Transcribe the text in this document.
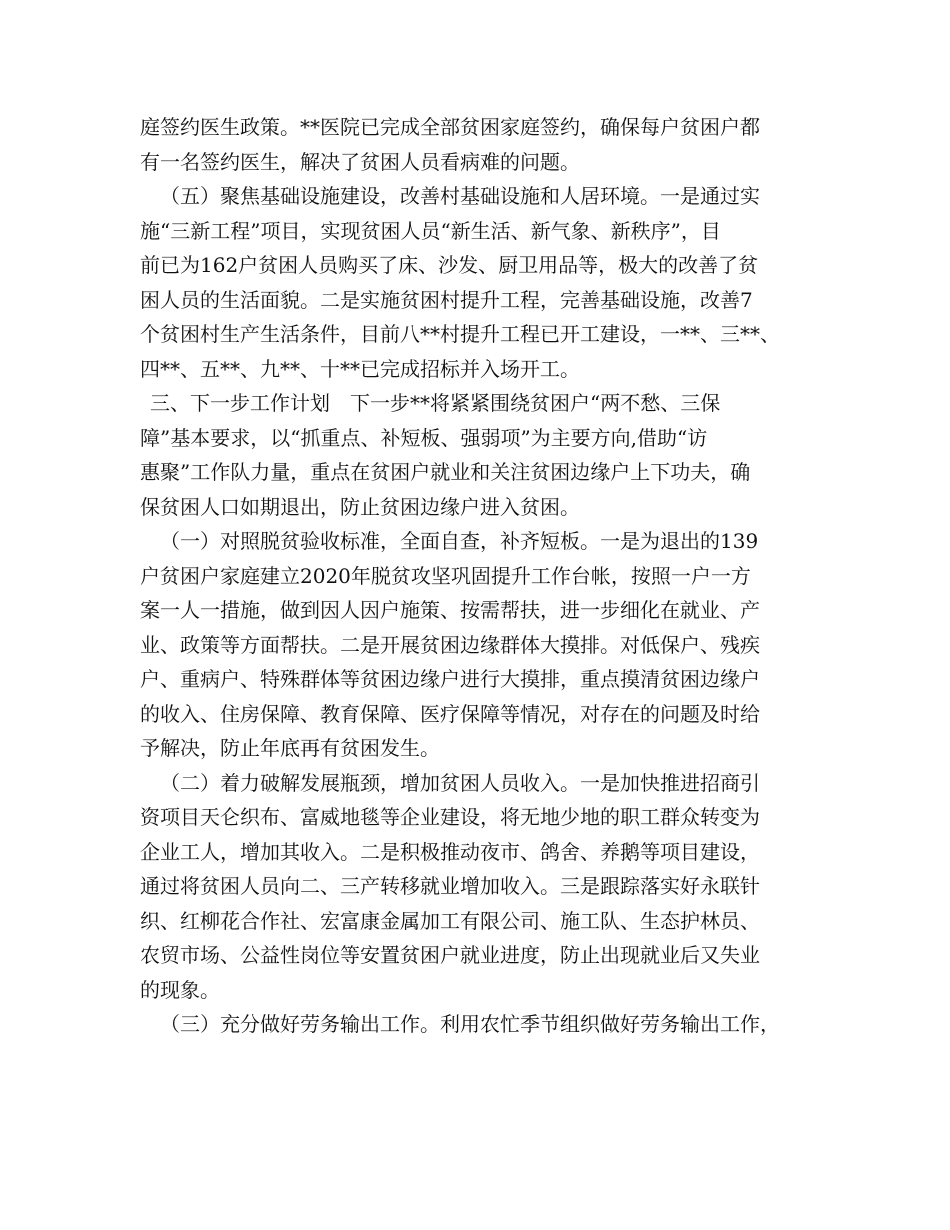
庭签约医生政策。**医院已完成全部贫困家庭签约，确保每户贫困户都
有一名签约医生，解决了贫困人员看病难的问题。
（五）聚焦基础设施建设，改善村基础设施和人居环境。一是通过实
施“三新工程”项目，实现贫困人员“新生活、新气象、新秩序”，目
前已为162户贫困人员购买了床、沙发、厨卫用品等，极大的改善了贫
困人员的生活面貌。二是实施贫困村提升工程，完善基础设施，改善7
个贫困村生产生活条件，目前八**村提升工程已开工建设，一**、三**、
四**、五**、九**、十**已完成招标并入场开工。
三、下一步工作计划　下一步**将紧紧围绕贫困户“两不愁、三保
障”基本要求，以“抓重点、补短板、强弱项”为主要方向,借助“访
惠聚”工作队力量，重点在贫困户就业和关注贫困边缘户上下功夫，确
保贫困人口如期退出，防止贫困边缘户进入贫困。
（一）对照脱贫验收标准，全面自查，补齐短板。一是为退出的139
户贫困户家庭建立2020年脱贫攻坚巩固提升工作台帐，按照一户一方
案一人一措施，做到因人因户施策、按需帮扶，进一步细化在就业、产
业、政策等方面帮扶。二是开展贫困边缘群体大摸排。对低保户、残疾
户、重病户、特殊群体等贫困边缘户进行大摸排，重点摸清贫困边缘户
的收入、住房保障、教育保障、医疗保障等情况，对存在的问题及时给
予解决，防止年底再有贫困发生。
（二）着力破解发展瓶颈，增加贫困人员收入。一是加快推进招商引
资项目天仑织布、富威地毯等企业建设，将无地少地的职工群众转变为
企业工人，增加其收入。二是积极推动夜市、鸽舍、养鹅等项目建设，
通过将贫困人员向二、三产转移就业增加收入。三是跟踪落实好永联针
织、红柳花合作社、宏富康金属加工有限公司、施工队、生态护林员、
农贸市场、公益性岗位等安置贫困户就业进度，防止出现就业后又失业
的现象。
（三）充分做好劳务输出工作。利用农忙季节组织做好劳务输出工作，
